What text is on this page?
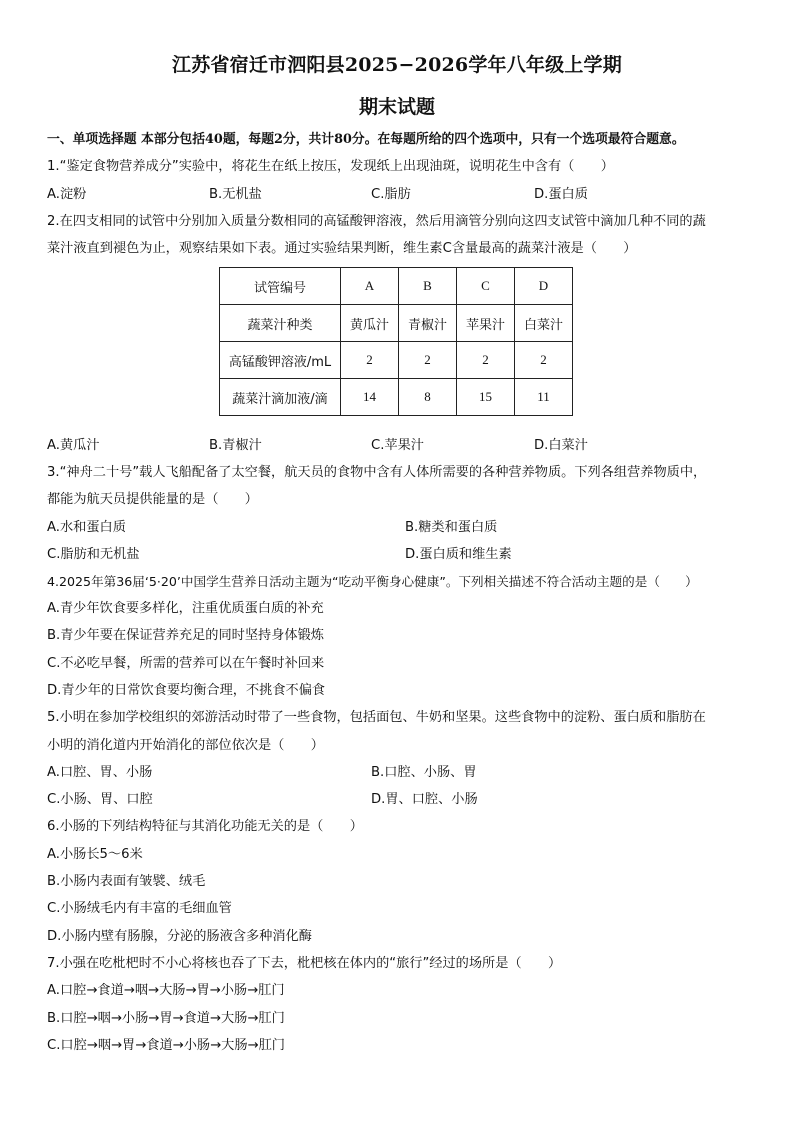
江苏省宿迁市泗阳县2025−2026学年八年级上学期
期末试题
一、单项选择题 本部分包括40题，每题2分，共计80分。在每题所给的四个选项中，只有一个选项最符合题意。
1.“鉴定食物营养成分”实验中，将花生在纸上按压，发现纸上出现油斑，说明花生中含有（　　）
A.淀粉	B.无机盐	C.脂肪	D.蛋白质
2.在四支相同的试管中分别加入质量分数相同的高锰酸钾溶液，然后用滴管分别向这四支试管中滴加几种不同的蔬
菜汁液直到褪色为止，观察结果如下表。通过实验结果判断，维生素C含量最高的蔬菜汁液是（　　）
试管编号	A	B	C	D
蔬菜汁种类	黄瓜汁	青椒汁	苹果汁	白菜汁
高锰酸钾溶液/mL	2	2	2	2
蔬菜汁滴加液/滴	14	8	15	11
A.黄瓜汁	B.青椒汁	C.苹果汁	D.白菜汁
3.“神舟二十号”载人飞船配备了太空餐，航天员的食物中含有人体所需要的各种营养物质。下列各组营养物质中，
都能为航天员提供能量的是（　　）
A.水和蛋白质	B.糖类和蛋白质
C.脂肪和无机盐	D.蛋白质和维生素
4.2025年第36届‘5·20’中国学生营养日活动主题为“吃动平衡身心健康”。下列相关描述不符合活动主题的是（　　）
A.青少年饮食要多样化，注重优质蛋白质的补充
B.青少年要在保证营养充足的同时坚持身体锻炼
C.不必吃早餐，所需的营养可以在午餐时补回来
D.青少年的日常饮食要均衡合理，不挑食不偏食
5.小明在参加学校组织的郊游活动时带了一些食物，包括面包、牛奶和坚果。这些食物中的淀粉、蛋白质和脂肪在
小明的消化道内开始消化的部位依次是（　　）
A.口腔、胃、小肠	B.口腔、小肠、胃
C.小肠、胃、口腔	D.胃、口腔、小肠
6.小肠的下列结构特征与其消化功能无关的是（　　）
A.小肠长5～6米
B.小肠内表面有皱襞、绒毛
C.小肠绒毛内有丰富的毛细血管
D.小肠内壁有肠腺，分泌的肠液含多种消化酶
7.小强在吃枇杷时不小心将核也吞了下去，枇杷核在体内的“旅行”经过的场所是（　　）
A.口腔→食道→咽→大肠→胃→小肠→肛门
B.口腔→咽→小肠→胃→食道→大肠→肛门
C.口腔→咽→胃→食道→小肠→大肠→肛门
